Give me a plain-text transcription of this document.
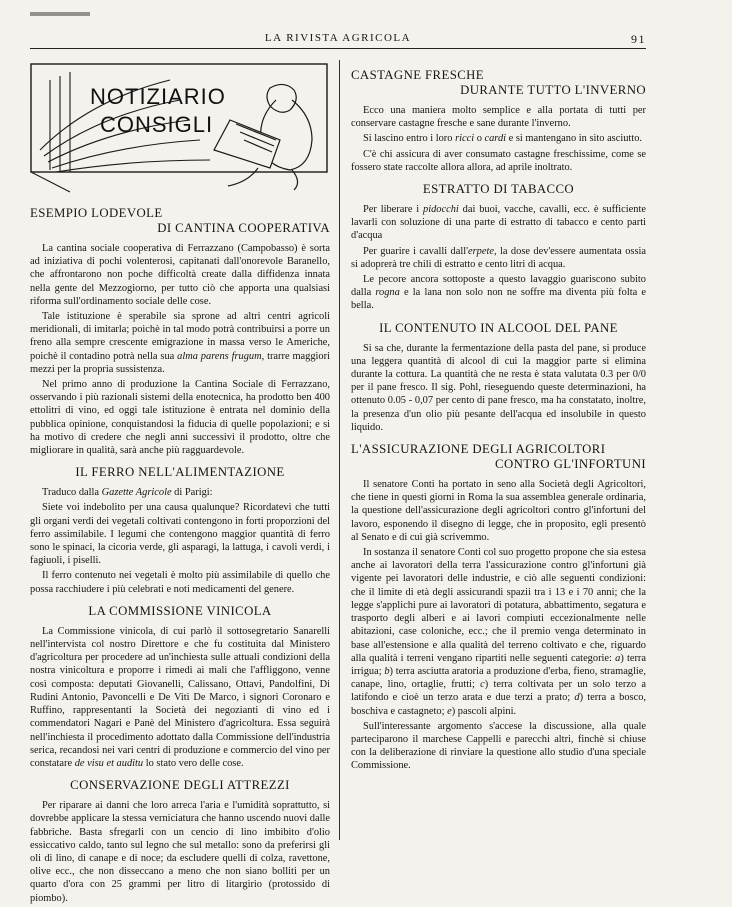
LA RIVISTA AGRICOLA	91
NOTIZIARIO
CONSIGLI
ESEMPIO LODEVOLE
DI CANTINA COOPERATIVA

La cantina sociale cooperativa di Ferrazzano (Campobasso) è sorta ad iniziativa di pochi volenterosi, capitanati dall'onorevole Baranello, che affrontarono non poche difficoltà create dalla diffidenza innata nella gente del Mezzogiorno, per tutto ciò che apporta una qualsiasi riforma sull'ordinamento sociale delle cose.

Tale istituzione è sperabile sia sprone ad altri centri agricoli meridionali, di imitarla; poichè in tal modo potrà contribuirsi a porre un freno alla sempre crescente emigrazione in massa verso le Americhe, poichè il contadino potrà nella sua alma parens frugum, trarre maggiori mezzi per la propria sussistenza.

Nel primo anno di produzione la Cantina Sociale di Ferrazzano, osservando i più razionali sistemi della enotecnica, ha prodotto ben 400 ettolitri di vino, ed oggi tale istituzione è entrata nel dominio della pubblica opinione, conquistandosi la fiducia di quelle popolazioni; e si ha motivo di credere che negli anni successivi il prodotto, oltre che migliorare in qualità, sarà anche più ragguardevole.

IL FERRO NELL'ALIMENTAZIONE

Traduco dalla Gazette Agricole di Parigi:

Siete voi indebolito per una causa qualunque? Ricordatevi che tutti gli organi verdi dei vegetali coltivati contengono in forti proporzioni del ferro assimilabile. I legumi che contengono maggior quantità di ferro sono le spinaci, la cicoria verde, gli asparagi, la lattuga, i cavoli verdi, i fagiuoli, i piselli.

Il ferro contenuto nei vegetali è molto più assimilabile di quello che possa racchiudere i più celebrati e noti medicamenti del genere.

LA COMMISSIONE VINICOLA

La Commissione vinicola, di cui parlò il sottosegretario Sanarelli nell'intervista col nostro Direttore e che fu costituita dal Ministero d'agricoltura per procedere ad un'inchiesta sulle attuali condizioni della nostra vinicoltura e proporre i rimedi ai mali che l'affliggono, venne così composta: deputati Giovanelli, Calissano, Ottavi, Pandolfini, Di Rudini Antonio, Pavoncelli e De Viti De Marco, i signori Coronaro e Ruffino, rappresentanti la Società dei negozianti di vino ed i commendatori Nagari e Panè del Ministero d'agricoltura. Essa seguirà nell'inchiesta il procedimento adottato dalla Commissione dell'industria serica, recandosi nei vari centri di produzione e commercio del vino per constatare de visu et auditu lo stato vero delle cose.

CONSERVAZIONE DEGLI ATTREZZI

Per riparare ai danni che loro arreca l'aria e l'umidità soprattutto, si dovrebbe applicare la stessa verniciatura che hanno uscendo nuovi dalle fabbriche. Basta sfregarli con un cencio di lino imbibito d'olio essiccativo caldo, tanto sul legno che sul metallo: sono da preferirsi gli oli di lino, di canape e di noce; da escludere quelli di colza, ravettone, olive ecc., che non disseccano a meno che non siano bolliti per un quarto d'ora con 25 grammi per litro di litargirio (protossido di piombo).

CASTAGNE FRESCHE
DURANTE TUTTO L'INVERNO

Ecco una maniera molto semplice e alla portata di tutti per conservare castagne fresche e sane durante l'inverno.

Si lascino entro i loro ricci o cardi e si mantengano in sito asciutto.

C'è chi assicura di aver consumato castagne freschissime, come se fossero state raccolte allora allora, ad aprile inoltrato.

ESTRATTO DI TABACCO

Per liberare i pidocchi dai buoi, vacche, cavalli, ecc. è sufficiente lavarli con soluzione di una parte di estratto di tabacco e cento parti d'acqua

Per guarire i cavalli dall'erpete, la dose dev'essere aumentata ossia si adoprerà tre chili di estratto e cento litri di acqua.

Le pecore ancora sottoposte a questo lavaggio guariscono subito dalla rogna e la lana non solo non ne soffre ma diventa più folta e bella.

IL CONTENUTO IN ALCOOL DEL PANE

Si sa che, durante la fermentazione della pasta del pane, si produce una leggera quantità di alcool di cui la maggior parte si elimina durante la cottura. La quantità che ne resta è stata valutata 0.3 per 0/0 per il pane fresco. Il sig. Pohl, rieseguendo queste determinazioni, ha ottenuto 0.05 - 0,07 per cento di pane fresco, ma ha constatato, inoltre, la presenza d'un olio più pesante dell'acqua ed insolubile in questo liquido.

L'ASSICURAZIONE DEGLI AGRICOLTORI
CONTRO GL'INFORTUNI

Il senatore Conti ha portato in seno alla Società degli Agricoltori, che tiene in questi giorni in Roma la sua assemblea generale ordinaria, la questione dell'assicurazione degli agricoltori contro gl'infortuni del lavoro, esponendo il disegno di legge, che in proposito, egli presentò al Senato e di cui già scrivemmo.

In sostanza il senatore Conti col suo progetto propone che sia estesa anche ai lavoratori della terra l'assicurazione contro gl'infortuni già vigente pei lavoratori delle industrie, e ciò alle seguenti condizioni: che il limite di età degli assicurandi spazii tra i 13 e i 70 anni; che la legge s'applichi pure ai lavoratori di potatura, abbattimento, segatura e trasporto degli alberi e ai lavori compiuti eccezionalmente nelle abitazioni, case coloniche, ecc.; che il premio venga determinato in base all'estensione e alla qualità del terreno coltivato e che, riguardo alla qualità i terreni vengano ripartiti nelle seguenti categorie: a) terra irrigua; b) terra asciutta aratoria a produzione d'erba, fieno, stramaglie, canape, lino, ortaglie, frutti; c) terra coltivata per un solo terzo a latifondo e cioè un terzo arata e due terzi a prato; d) terra a bosco, boschiva e castagneto; e) pascoli alpini.

Sull'interessante argomento s'accese la discussione, alla quale parteciparono il marchese Cappelli e parecchi altri, finchè si chiuse con la deliberazione di rinviare la questione allo studio d'una speciale Commissione.
